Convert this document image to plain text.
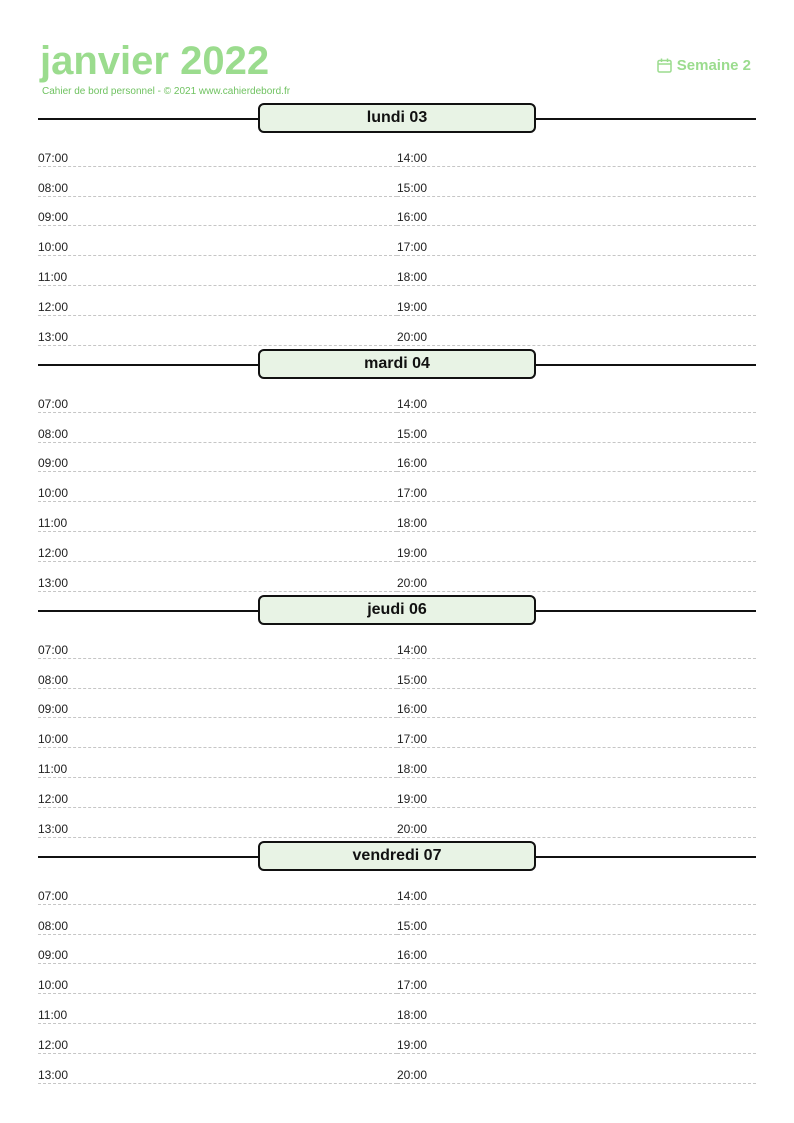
janvier 2022
Cahier de bord personnel - © 2021 www.cahierdebord.fr
Semaine 2
lundi 03
07:00
08:00
09:00
10:00
11:00
12:00
13:00
14:00
15:00
16:00
17:00
18:00
19:00
20:00
mardi 04
07:00
08:00
09:00
10:00
11:00
12:00
13:00
14:00
15:00
16:00
17:00
18:00
19:00
20:00
jeudi 06
07:00
08:00
09:00
10:00
11:00
12:00
13:00
14:00
15:00
16:00
17:00
18:00
19:00
20:00
vendredi 07
07:00
08:00
09:00
10:00
11:00
12:00
13:00
14:00
15:00
16:00
17:00
18:00
19:00
20:00
